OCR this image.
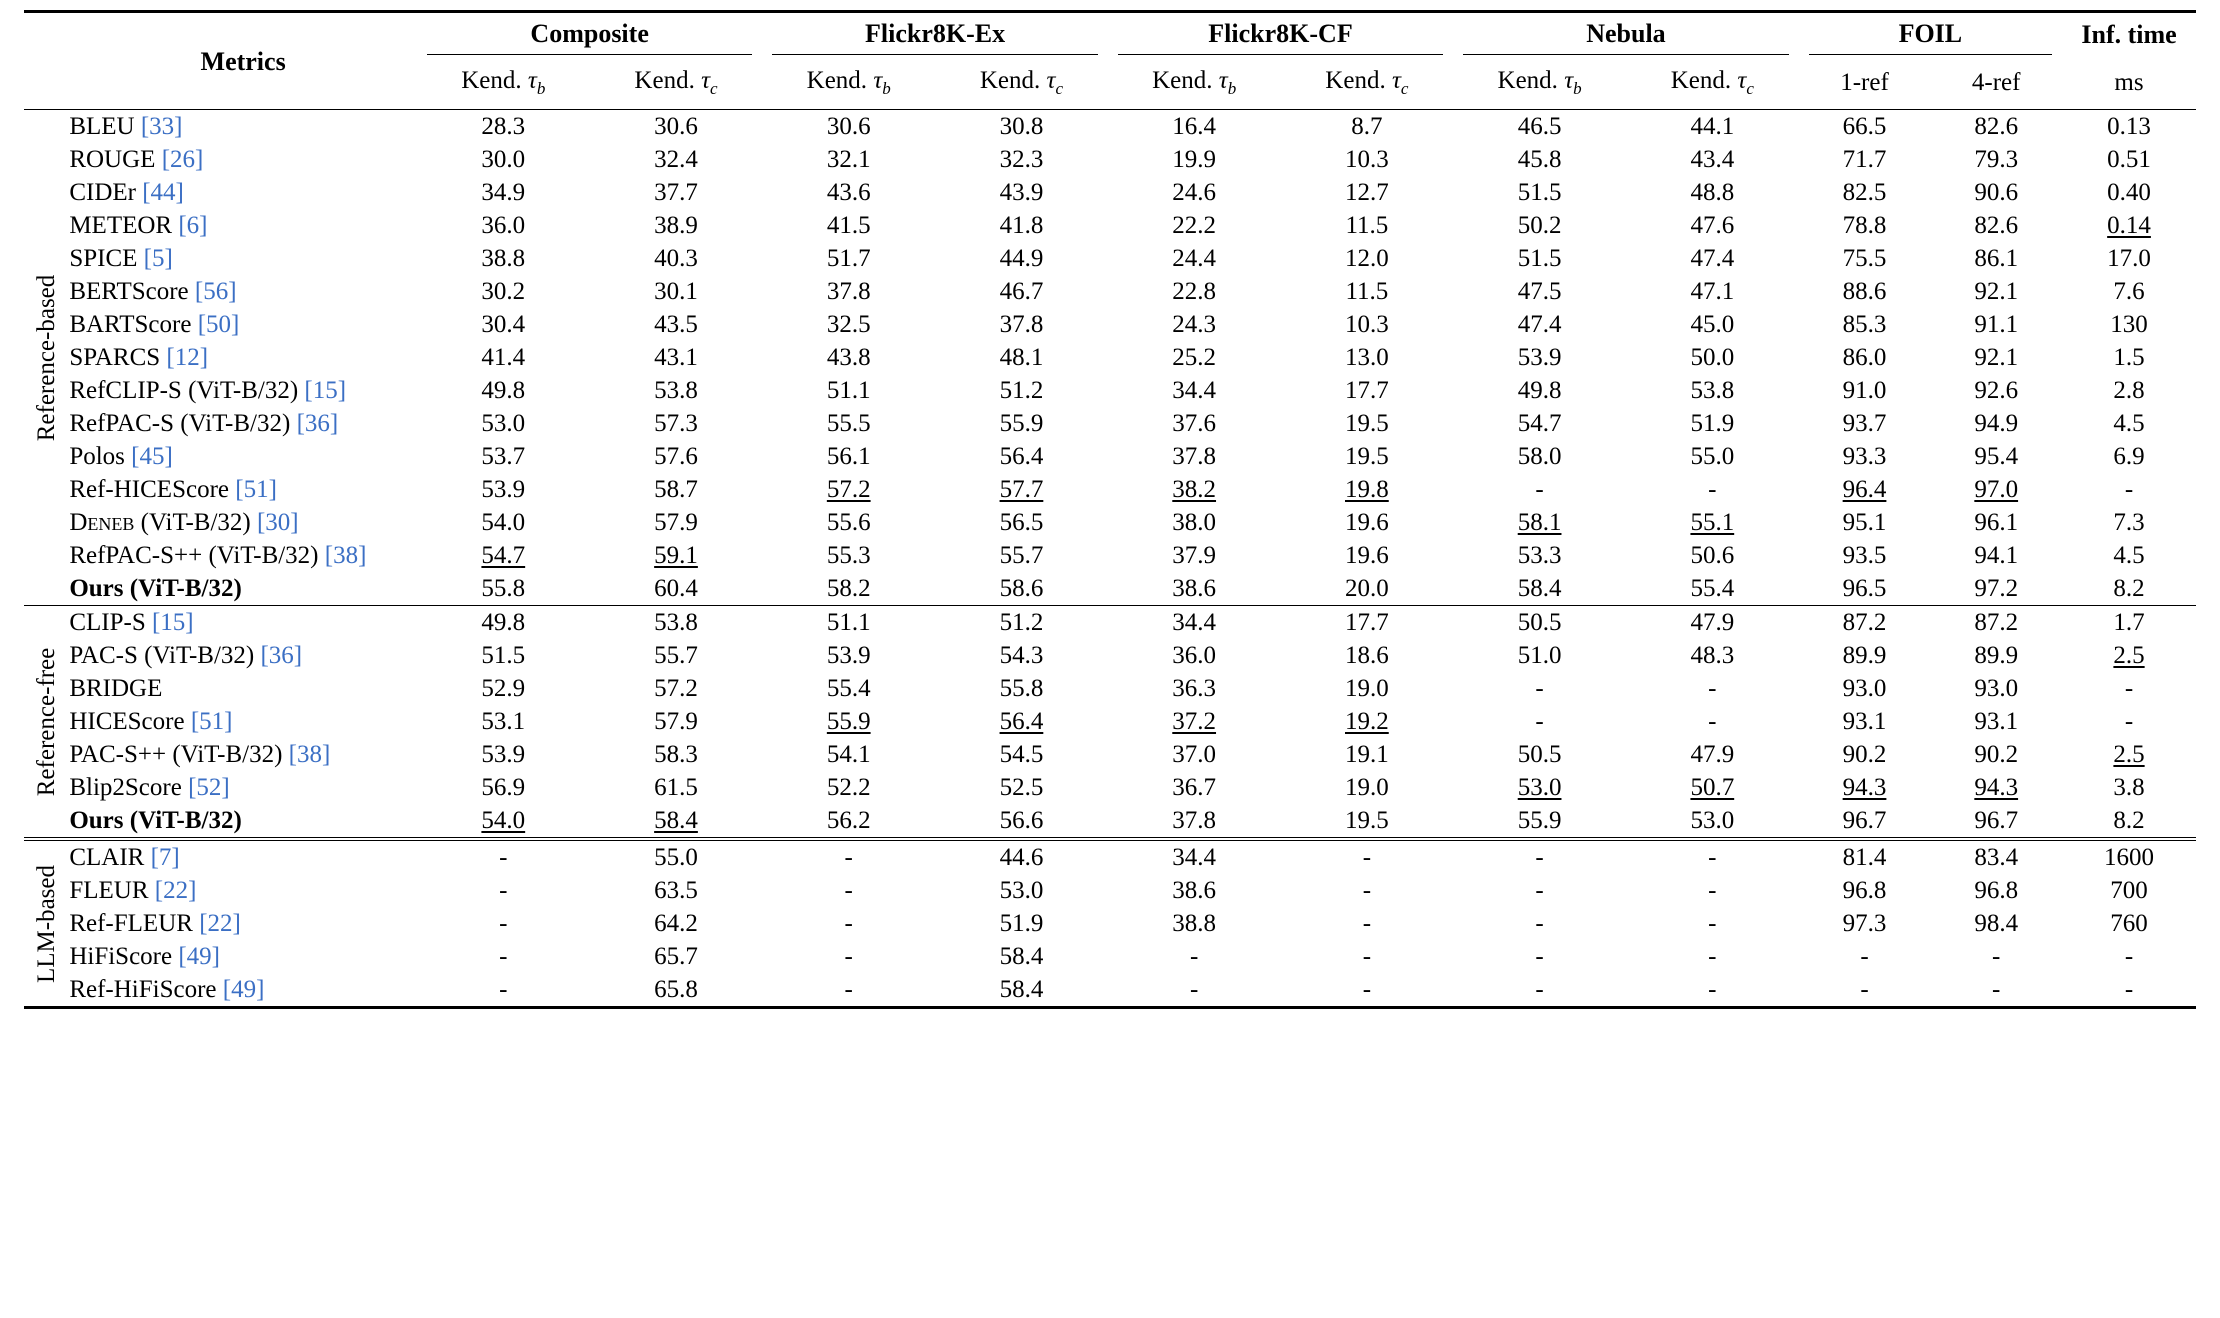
	Metrics	Composite		Flickr8K-Ex		Flickr8K-CF		Nebula		FOIL		Inf. time

		Kend. $\tau_b$	Kend. $\tau_c$	Kend. $\tau_b$	Kend. $\tau_c$	Kend. $\tau_b$	Kend. $\tau_c$	Kend. $\tau_b$	Kend. $\tau_c$	1-ref	4-ref	ms

Reference-based	BLEU [33]	28.3	30.6	30.6	30.8	16.4	8.7	46.5	44.1	66.5	82.6	0.13
	ROUGE [26]	30.0	32.4	32.1	32.3	19.9	10.3	45.8	43.4	71.7	79.3	0.51
	CIDEr [44]	34.9	37.7	43.6	43.9	24.6	12.7	51.5	48.8	82.5	90.6	0.40
	METEOR [6]	36.0	38.9	41.5	41.8	22.2	11.5	50.2	47.6	78.8	82.6	0.14
	SPICE [5]	38.8	40.3	51.7	44.9	24.4	12.0	51.5	47.4	75.5	86.1	17.0
	BERTScore [56]	30.2	30.1	37.8	46.7	22.8	11.5	47.5	47.1	88.6	92.1	7.6
	BARTScore [50]	30.4	43.5	32.5	37.8	24.3	10.3	47.4	45.0	85.3	91.1	130
	SPARCS [12]	41.4	43.1	43.8	48.1	25.2	13.0	53.9	50.0	86.0	92.1	1.5
	RefCLIP-S (ViT-B/32) [15]	49.8	53.8	51.1	51.2	34.4	17.7	49.8	53.8	91.0	92.6	2.8
	RefPAC-S (ViT-B/32) [36]	53.0	57.3	55.5	55.9	37.6	19.5	54.7	51.9	93.7	94.9	4.5
	Polos [45]	53.7	57.6	56.1	56.4	37.8	19.5	58.0	55.0	93.3	95.4	6.9
	Ref-HICEScore [51]	53.9	58.7	57.2	57.7	38.2	19.8	-	-	96.4	97.0	-
	Deneb (ViT-B/32) [30]	54.0	57.9	55.6	56.5	38.0	19.6	58.1	55.1	95.1	96.1	7.3
	RefPAC-S++ (ViT-B/32) [38]	54.7	59.1	55.3	55.7	37.9	19.6	53.3	50.6	93.5	94.1	4.5
	Ours (ViT-B/32)	55.8	60.4	58.2	58.6	38.6	20.0	58.4	55.4	96.5	97.2	8.2

Reference-free	CLIP-S [15]	49.8	53.8	51.1	51.2	34.4	17.7	50.5	47.9	87.2	87.2	1.7
	PAC-S (ViT-B/32) [36]	51.5	55.7	53.9	54.3	36.0	18.6	51.0	48.3	89.9	89.9	2.5
	BRIDGE	52.9	57.2	55.4	55.8	36.3	19.0	-	-	93.0	93.0	-
	HICEScore [51]	53.1	57.9	55.9	56.4	37.2	19.2	-	-	93.1	93.1	-
	PAC-S++ (ViT-B/32) [38]	53.9	58.3	54.1	54.5	37.0	19.1	50.5	47.9	90.2	90.2	2.5
	Blip2Score [52]	56.9	61.5	52.2	52.5	36.7	19.0	53.0	50.7	94.3	94.3	3.8
	Ours (ViT-B/32)	54.0	58.4	56.2	56.6	37.8	19.5	55.9	53.0	96.7	96.7	8.2

LLM-based	CLAIR [7]	-	55.0	-	44.6	34.4	-	-	-	81.4	83.4	1600
	FLEUR [22]	-	63.5	-	53.0	38.6	-	-	-	96.8	96.8	700
	Ref-FLEUR [22]	-	64.2	-	51.9	38.8	-	-	-	97.3	98.4	760
	HiFiScore [49]	-	65.7	-	58.4	-	-	-	-	-	-	-
	Ref-HiFiScore [49]	-	65.8	-	58.4	-	-	-	-	-	-	-
